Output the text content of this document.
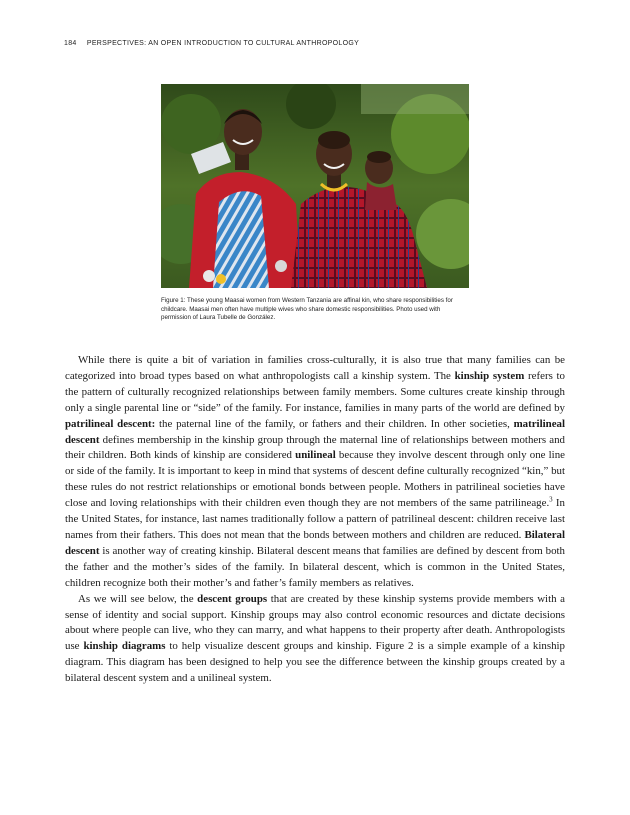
184 PERSPECTIVES: AN OPEN INTRODUCTION TO CULTURAL ANTHROPOLOGY
Figure 1: These young Maasai women from Western Tanzania are affinal kin, who share responsibilities for childcare. Maasai men often have multiple wives who share domestic responsibilities. Photo used with permission of Laura Tubelle de González.

While there is quite a bit of variation in families cross-culturally, it is also true that many families can be categorized into broad types based on what anthropologists call a kinship system. The kinship system refers to the pattern of culturally recognized relationships between family members. Some cultures create kinship through only a single parental line or “side” of the family. For instance, families in many parts of the world are defined by patrilineal descent: the paternal line of the family, or fathers and their children. In other societies, matrilineal descent defines membership in the kinship group through the maternal line of relationships between mothers and their children. Both kinds of kinship are considered unilineal because they involve descent through only one line or side of the family. It is important to keep in mind that systems of descent define culturally recognized “kin,” but these rules do not restrict relationships or emotional bonds between people. Mothers in patrilineal societies have close and loving relationships with their children even though they are not members of the same patrilineage.$^3$ In the United States, for instance, last names traditionally follow a pattern of patrilineal descent: children receive last names from their fathers. This does not mean that the bonds between mothers and children are reduced. Bilateral descent is another way of creating kinship. Bilateral descent means that families are defined by descent from both the father and the mother’s sides of the family. In bilateral descent, which is common in the United States, children recognize both their mother’s and father’s family members as relatives.

As we will see below, the descent groups that are created by these kinship systems provide members with a sense of identity and social support. Kinship groups may also control economic resources and dictate decisions about where people can live, who they can marry, and what happens to their property after death. Anthropologists use kinship diagrams to help visualize descent groups and kinship. Figure 2 is a simple example of a kinship diagram. This diagram has been designed to help you see the difference between the kinship groups created by a bilateral descent system and a unilineal system.
